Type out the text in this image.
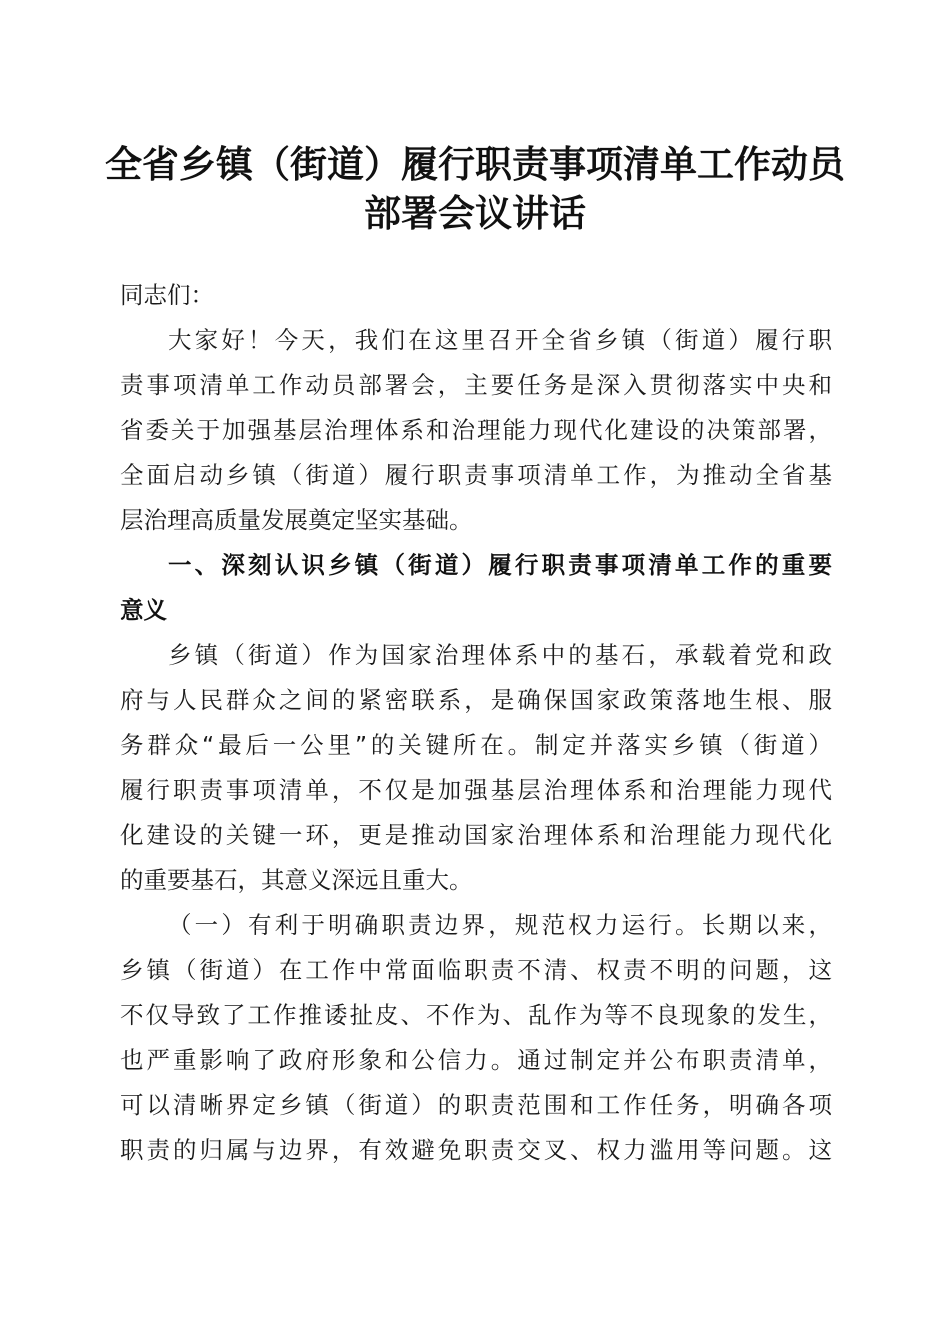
全省乡镇（街道）履行职责事项清单工作动员
部署会议讲话
同志们：
大家好！今天，我们在这里召开全省乡镇（街道）履行职
责事项清单工作动员部署会，主要任务是深入贯彻落实中央和
省委关于加强基层治理体系和治理能力现代化建设的决策部署，
全面启动乡镇（街道）履行职责事项清单工作，为推动全省基
层治理高质量发展奠定坚实基础。
一、深刻认识乡镇（街道）履行职责事项清单工作的重要
意义
乡镇（街道）作为国家治理体系中的基石，承载着党和政
府与人民群众之间的紧密联系，是确保国家政策落地生根、服
务群众“最后一公里”的关键所在。制定并落实乡镇（街道）
履行职责事项清单，不仅是加强基层治理体系和治理能力现代
化建设的关键一环，更是推动国家治理体系和治理能力现代化
的重要基石，其意义深远且重大。
（一）有利于明确职责边界，规范权力运行。长期以来，
乡镇（街道）在工作中常面临职责不清、权责不明的问题，这
不仅导致了工作推诿扯皮、不作为、乱作为等不良现象的发生，
也严重影响了政府形象和公信力。通过制定并公布职责清单，
可以清晰界定乡镇（街道）的职责范围和工作任务，明确各项
职责的归属与边界，有效避免职责交叉、权力滥用等问题。这
